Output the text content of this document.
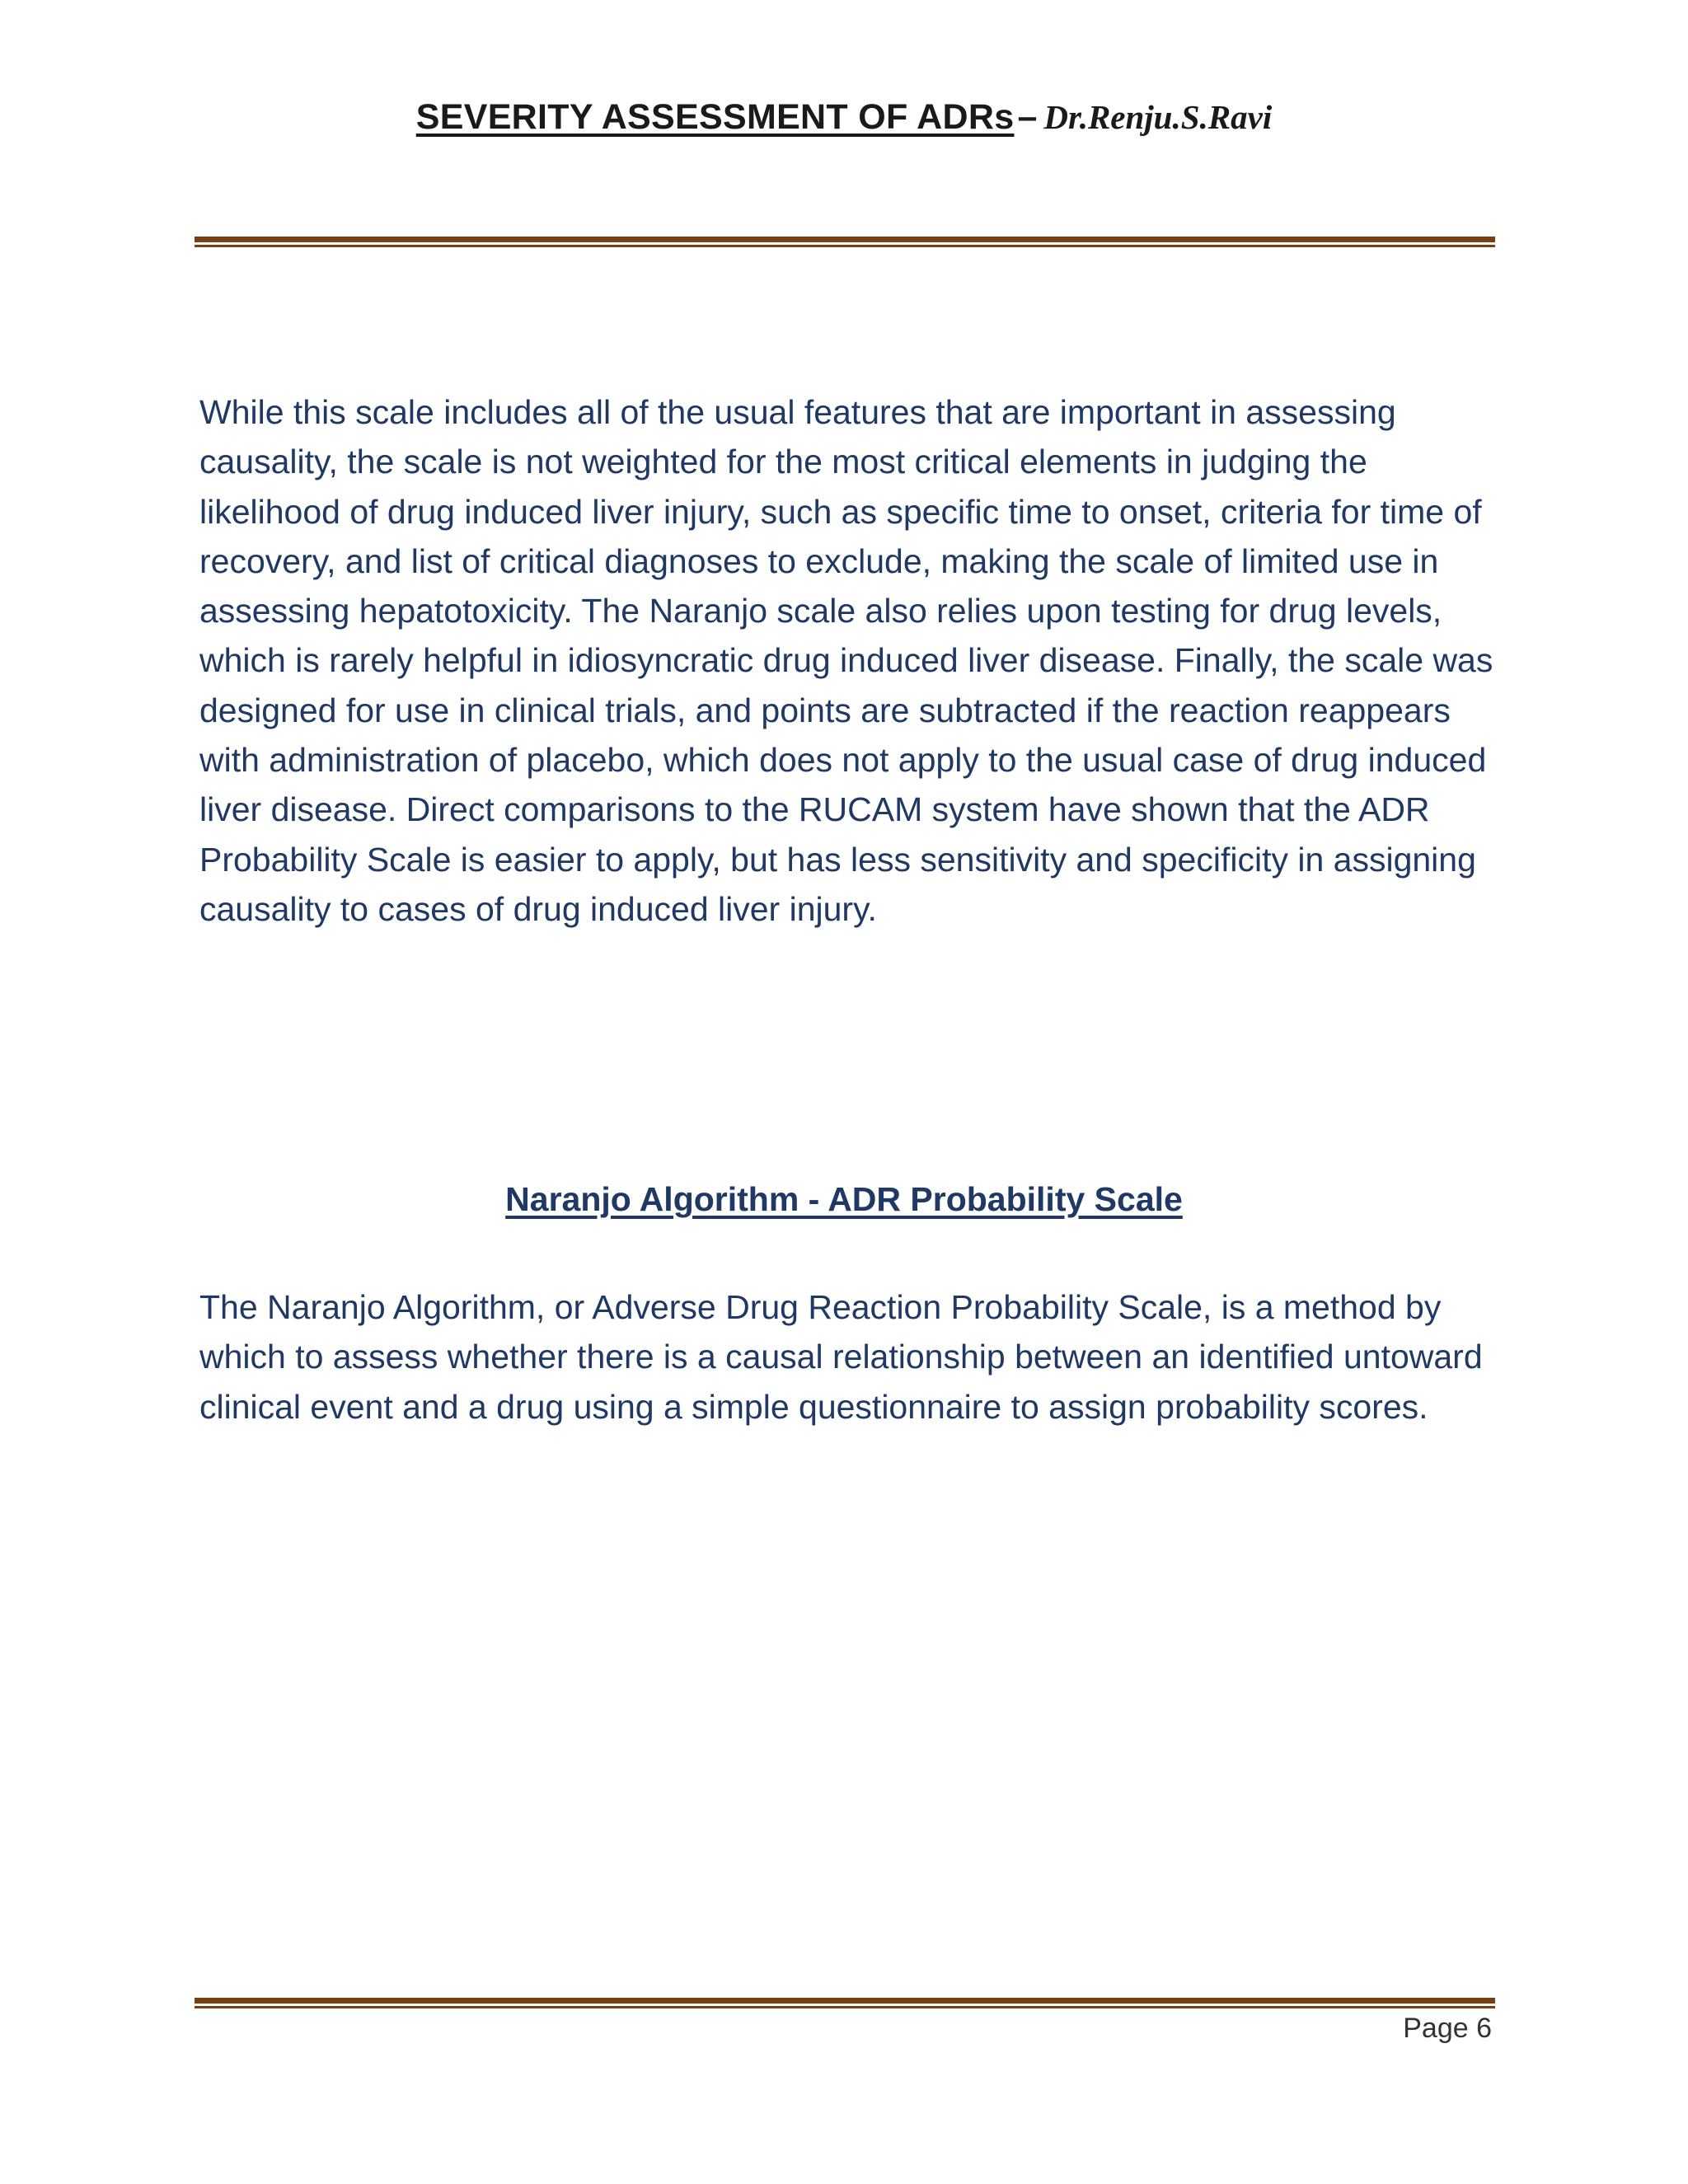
SEVERITY ASSESSMENT OF ADRs– Dr.Renju.S.Ravi

While this scale includes all of the usual features that are important in assessing causality, the scale is not weighted for the most critical elements in judging the likelihood of drug induced liver injury, such as specific time to onset, criteria for time of recovery, and list of critical diagnoses to exclude, making the scale of limited use in assessing hepatotoxicity. The Naranjo scale also relies upon testing for drug levels, which is rarely helpful in idiosyncratic drug induced liver disease. Finally, the scale was designed for use in clinical trials, and points are subtracted if the reaction reappears with administration of placebo, which does not apply to the usual case of drug induced liver disease. Direct comparisons to the RUCAM system have shown that the ADR Probability Scale is easier to apply, but has less sensitivity and specificity in assigning causality to cases of drug induced liver injury.

Naranjo Algorithm - ADR Probability Scale

The Naranjo Algorithm, or Adverse Drug Reaction Probability Scale, is a method by which to assess whether there is a causal relationship between an identified untoward clinical event and a drug using a simple questionnaire to assign probability scores.

Page 6
